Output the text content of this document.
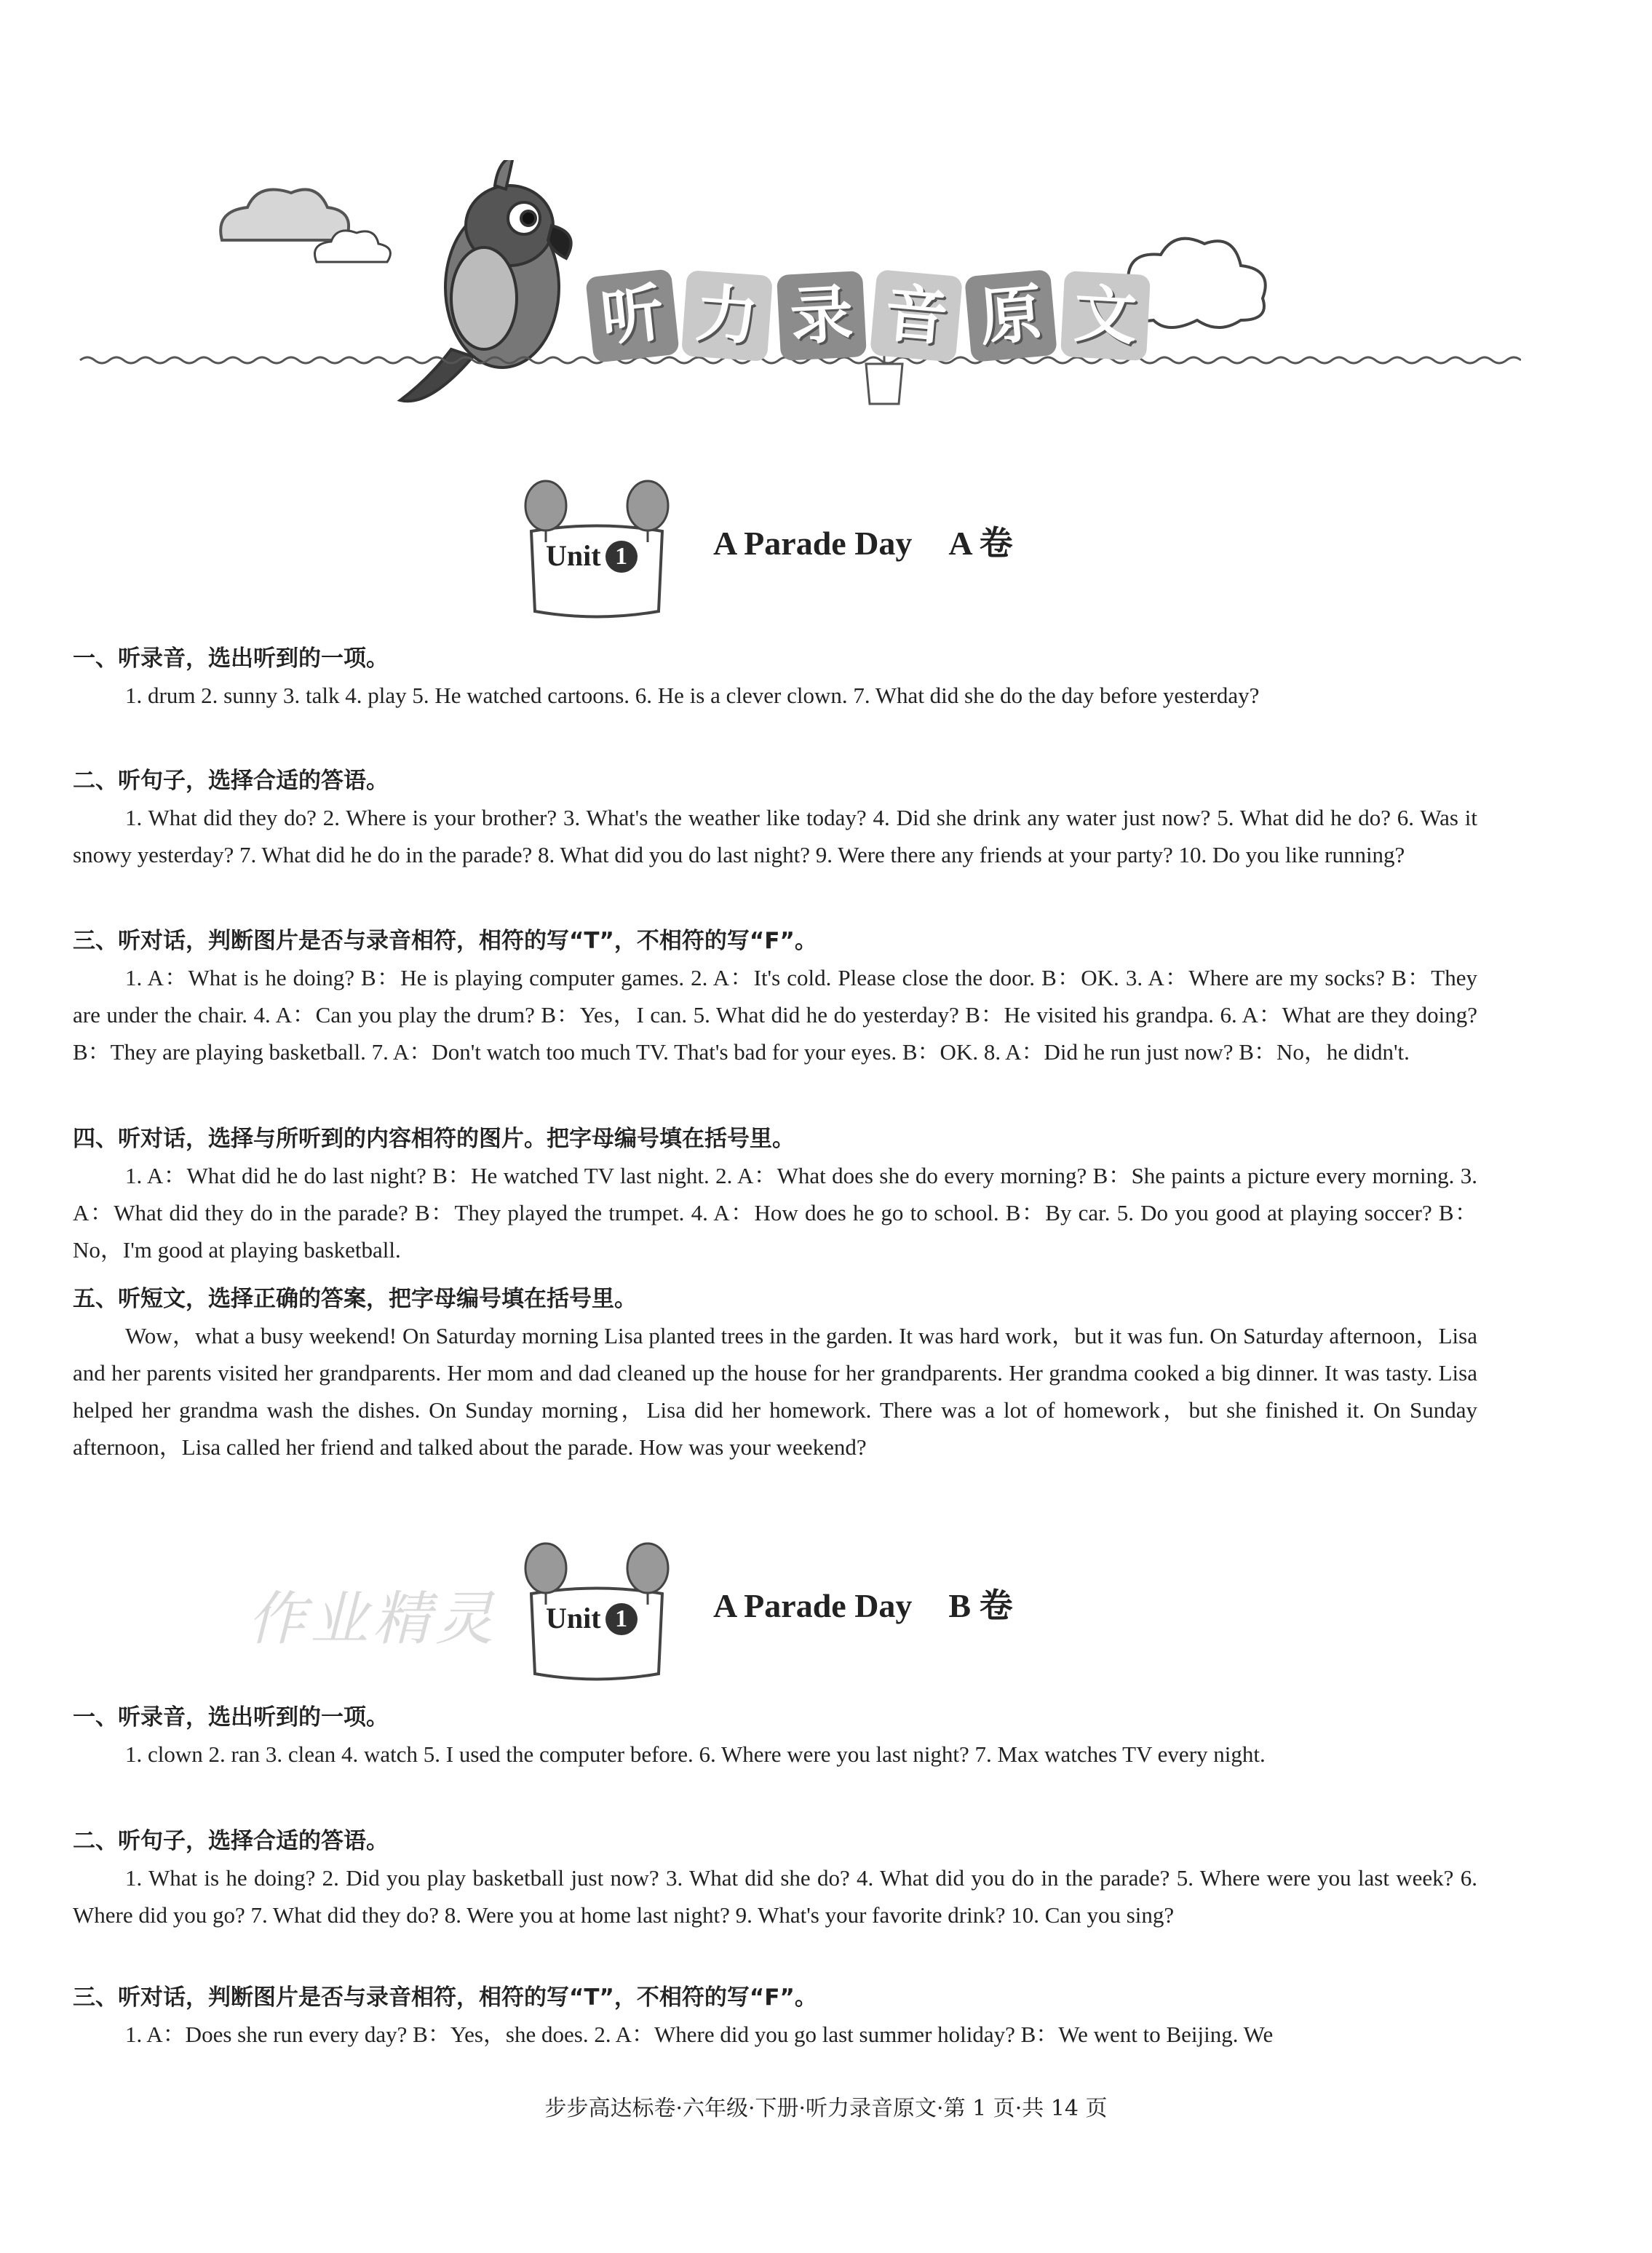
听 力 录 音 原 文
Unit 1	A Parade Day A 卷

一、听录音，选出听到的一项。

1. drum 2. sunny 3. talk 4. play 5. He watched cartoons. 6. He is a clever clown. 7. What did she do the day before yesterday?

二、听句子，选择合适的答语。

1. What did they do? 2. Where is your brother? 3. What's the weather like today? 4. Did she drink any water just now? 5. What did he do? 6. Was it snowy yesterday? 7. What did he do in the parade? 8. What did you do last night? 9. Were there any friends at your party? 10. Do you like running?

三、听对话，判断图片是否与录音相符，相符的写“T”，不相符的写“F”。

1. A：What is he doing? B：He is playing computer games. 2. A：It's cold. Please close the door. B：OK. 3. A：Where are my socks? B：They are under the chair. 4. A：Can you play the drum? B：Yes，I can. 5. What did he do yesterday? B：He visited his grandpa. 6. A：What are they doing? B：They are playing basketball. 7. A：Don't watch too much TV. That's bad for your eyes. B：OK. 8. A：Did he run just now? B：No，he didn't.

四、听对话，选择与所听到的内容相符的图片。把字母编号填在括号里。

1. A：What did he do last night? B：He watched TV last night. 2. A：What does she do every morning? B：She paints a picture every morning. 3. A：What did they do in the parade? B：They played the trumpet. 4. A：How does he go to school. B：By car. 5. Do you good at playing soccer? B：No，I'm good at playing basketball.

五、听短文，选择正确的答案，把字母编号填在括号里。

Wow，what a busy weekend! On Saturday morning Lisa planted trees in the garden. It was hard work，but it was fun. On Saturday afternoon，Lisa and her parents visited her grandparents. Her mom and dad cleaned up the house for her grandparents. Her grandma cooked a big dinner. It was tasty. Lisa helped her grandma wash the dishes. On Sunday morning，Lisa did her homework. There was a lot of homework，but she finished it. On Sunday afternoon，Lisa called her friend and talked about the parade. How was your weekend?

Unit 1	A Parade Day B 卷
作业精灵

一、听录音，选出听到的一项。

1. clown 2. ran 3. clean 4. watch 5. I used the computer before. 6. Where were you last night? 7. Max watches TV every night.

二、听句子，选择合适的答语。

1. What is he doing? 2. Did you play basketball just now? 3. What did she do? 4. What did you do in the parade? 5. Where were you last week? 6. Where did you go? 7. What did they do? 8. Were you at home last night? 9. What's your favorite drink? 10. Can you sing?

三、听对话，判断图片是否与录音相符，相符的写“T”，不相符的写“F”。

1. A：Does she run every day? B：Yes，she does. 2. A：Where did you go last summer holiday? B：We went to Beijing. We

步步高达标卷·六年级·下册·听力录音原文·第 1 页·共 14 页
